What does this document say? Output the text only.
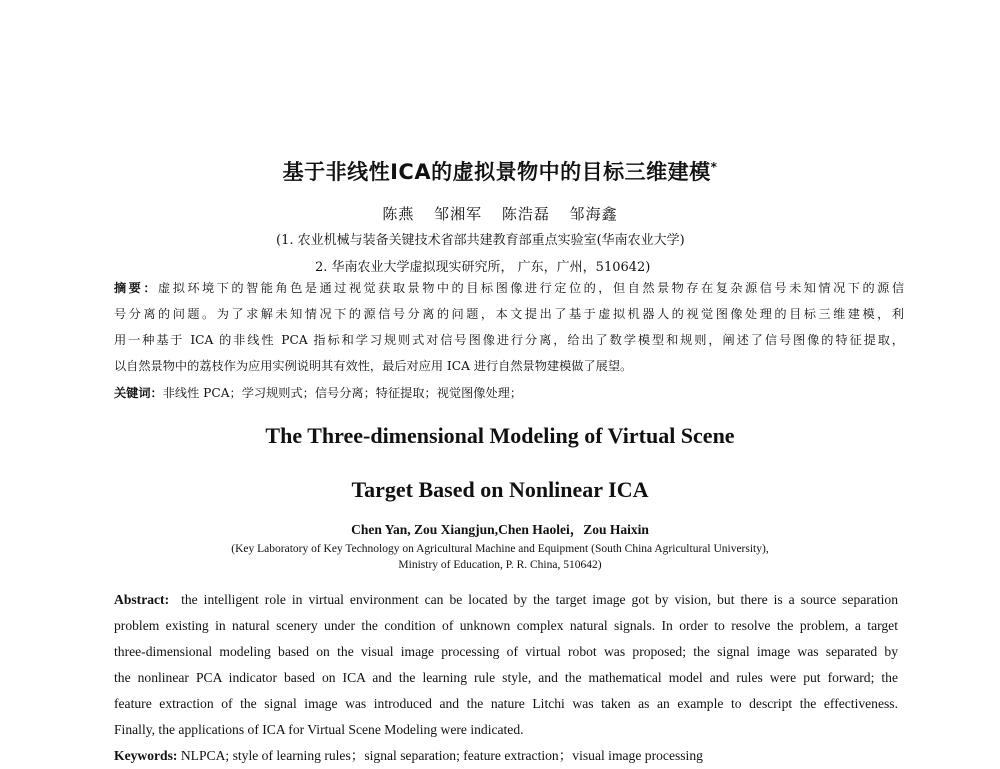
基于非线性ICA的虚拟景物中的目标三维建模*
陈燕 邹湘军 陈浩磊 邹海鑫
(1. 农业机械与装备关键技术省部共建教育部重点实验室(华南农业大学)
2. 华南农业大学虚拟现实研究所， 广东，广州，510642)
摘要：虚拟环境下的智能角色是通过视觉获取景物中的目标图像进行定位的，但自然景物存在复杂源信号未知情况下的源信
号分离的问题。为了求解未知情况下的源信号分离的问题，本文提出了基于虚拟机器人的视觉图像处理的目标三维建模，利
用一种基于 ICA 的非线性 PCA 指标和学习规则式对信号图像进行分离，给出了数学模型和规则，阐述了信号图像的特征提取，
以自然景物中的荔枝作为应用实例说明其有效性，最后对应用 ICA 进行自然景物建模做了展望。
关键词：非线性 PCA；学习规则式；信号分离；特征提取；视觉图像处理；
The Three-dimensional Modeling of Virtual Scene
Target Based on Nonlinear ICA
Chen Yan, Zou Xiangjun,Chen Haolei，Zou Haixin
(Key Laboratory of Key Technology on Agricultural Machine and Equipment (South China Agricultural University),
Ministry of Education, P. R. China, 510642)
Abstract: the intelligent role in virtual environment can be located by the target image got by vision, but there is a source separation
problem existing in natural scenery under the condition of unknown complex natural signals. In order to resolve the problem, a target
three-dimensional modeling based on the visual image processing of virtual robot was proposed; the signal image was separated by
the nonlinear PCA indicator based on ICA and the learning rule style, and the mathematical model and rules were put forward; the
feature extraction of the signal image was introduced and the nature Litchi was taken as an example to descript the effectiveness.
Finally, the applications of ICA for Virtual Scene Modeling were indicated.
Keywords: NLPCA; style of learning rules；signal separation; feature extraction；visual image processing
